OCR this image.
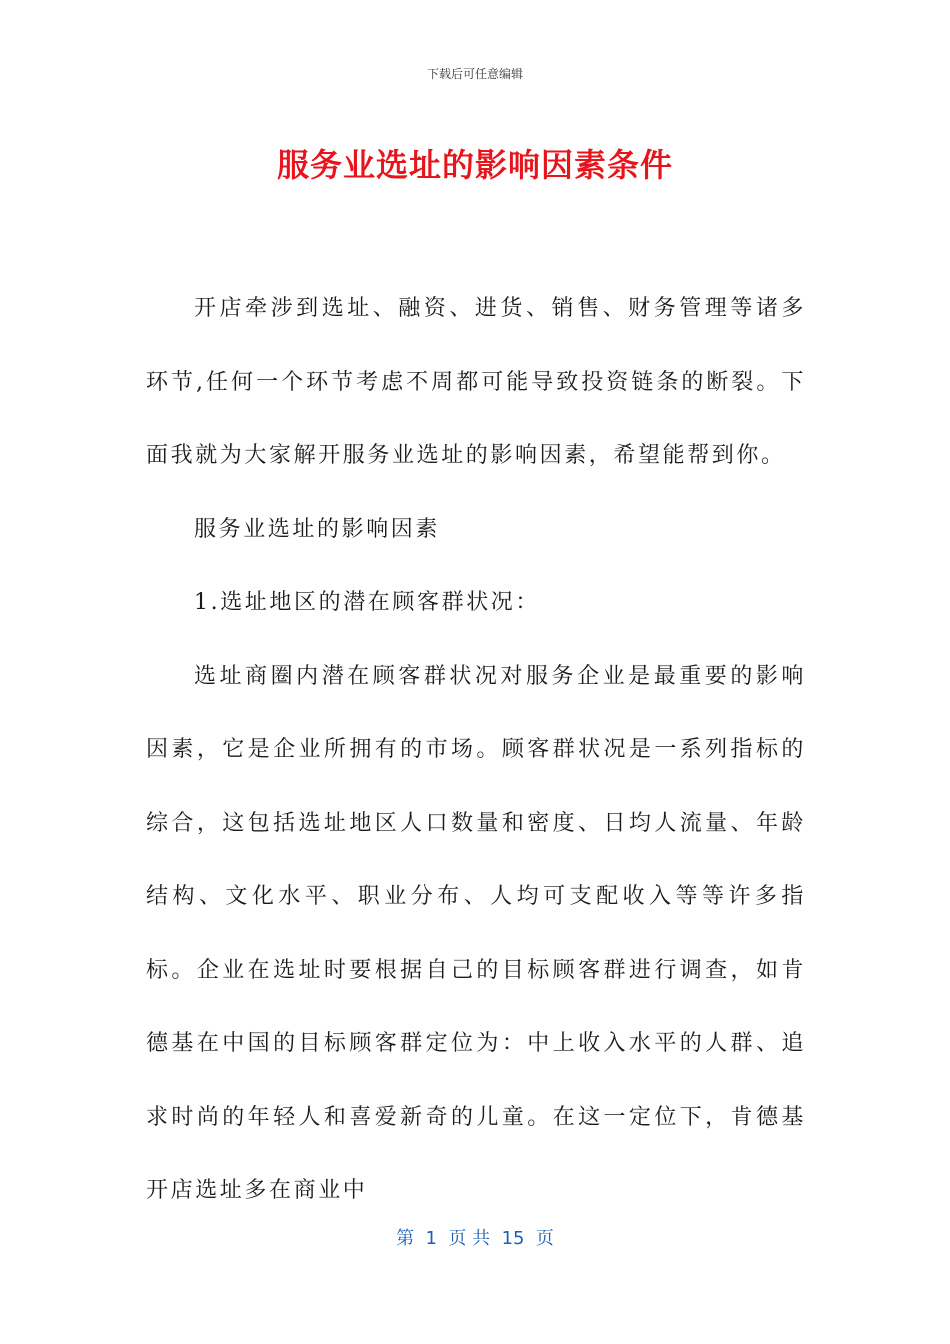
下载后可任意编辑
服务业选址的影响因素条件

开店牵涉到选址、融资、进货、销售、财务管理等诸多环节,任何一个环节考虑不周都可能导致投资链条的断裂。下面我就为大家解开服务业选址的影响因素，希望能帮到你。

服务业选址的影响因素

1.选址地区的潜在顾客群状况：

选址商圈内潜在顾客群状况对服务企业是最重要的影响因素，它是企业所拥有的市场。顾客群状况是一系列指标的综合，这包括选址地区人口数量和密度、日均人流量、年龄结构、文化水平、职业分布、人均可支配收入等等许多指标。企业在选址时要根据自己的目标顾客群进行调查，如肯德基在中国的目标顾客群定位为：中上收入水平的人群、追求时尚的年轻人和喜爱新奇的儿童。在这一定位下，肯德基开店选址多在商业中

第  1  页 共  15  页
